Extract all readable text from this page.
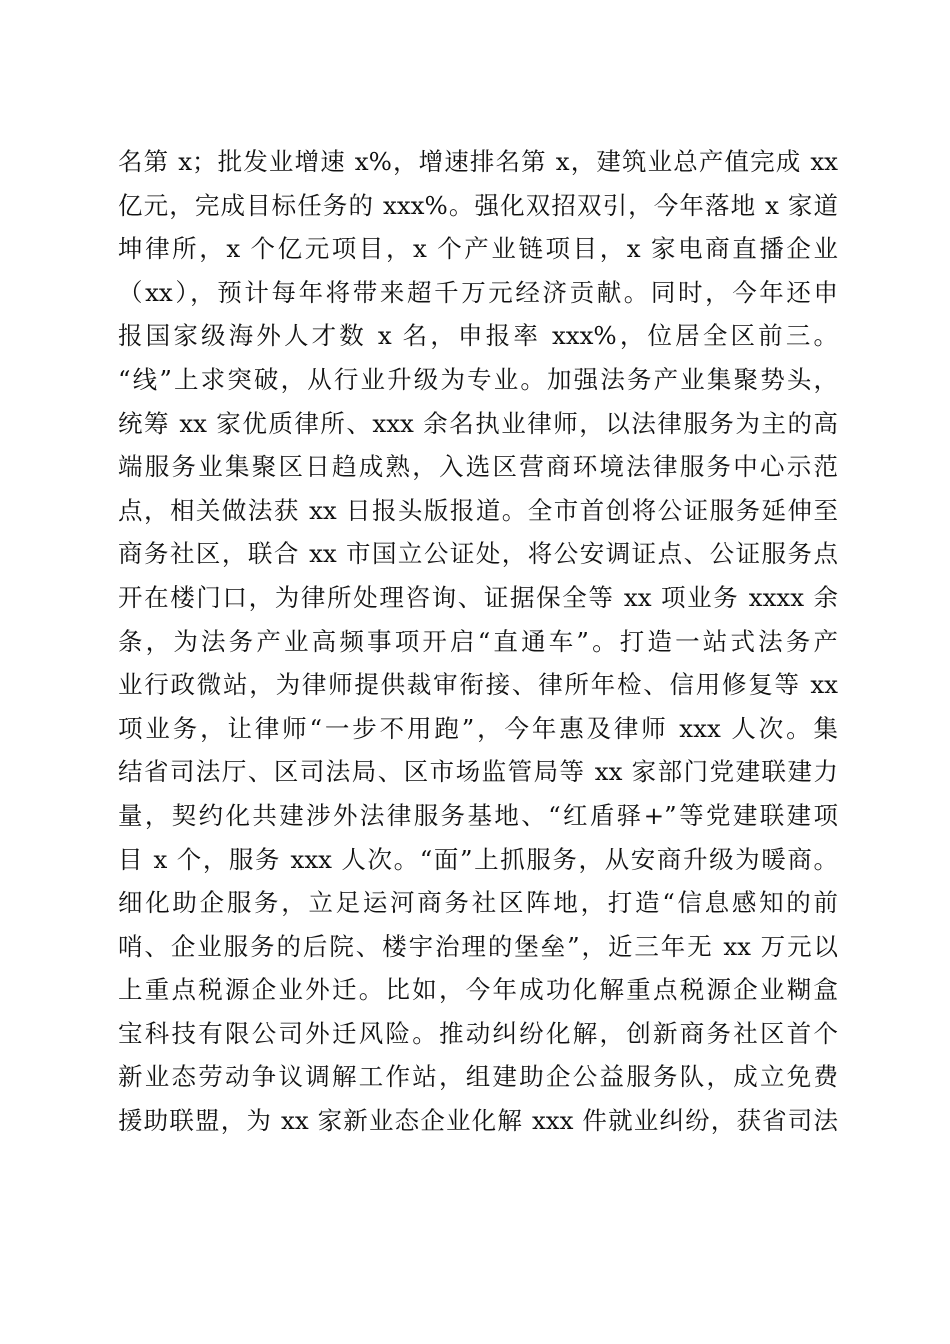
名第 x；批发业增速 x%，增速排名第 x，建筑业总产值完成 xx
亿元，完成目标任务的 xxx%。强化双招双引，今年落地 x 家道
坤律所，x 个亿元项目，x 个产业链项目，x 家电商直播企业
（xx），预计每年将带来超千万元经济贡献。同时，今年还申
报国家级海外人才数 x 名，申报率 xxx%，位居全区前三。
“线”上求突破，从行业升级为专业。加强法务产业集聚势头，
统筹 xx 家优质律所、xxx 余名执业律师，以法律服务为主的高
端服务业集聚区日趋成熟，入选区营商环境法律服务中心示范
点，相关做法获 xx 日报头版报道。全市首创将公证服务延伸至
商务社区，联合 xx 市国立公证处，将公安调证点、公证服务点
开在楼门口，为律所处理咨询、证据保全等 xx 项业务 xxxx 余
条，为法务产业高频事项开启“直通车”。打造一站式法务产
业行政微站，为律师提供裁审衔接、律所年检、信用修复等 xx
项业务，让律师“一步不用跑”，今年惠及律师 xxx 人次。集
结省司法厅、区司法局、区市场监管局等 xx 家部门党建联建力
量，契约化共建涉外法律服务基地、“红盾驿+”等党建联建项
目 x 个，服务 xxx 人次。“面”上抓服务，从安商升级为暖商。
细化助企服务，立足运河商务社区阵地，打造“信息感知的前
哨、企业服务的后院、楼宇治理的堡垒”，近三年无 xx 万元以
上重点税源企业外迁。比如，今年成功化解重点税源企业糊盒
宝科技有限公司外迁风险。推动纠纷化解，创新商务社区首个
新业态劳动争议调解工作站，组建助企公益服务队，成立免费
援助联盟，为 xx 家新业态企业化解 xxx 件就业纠纷，获省司法
